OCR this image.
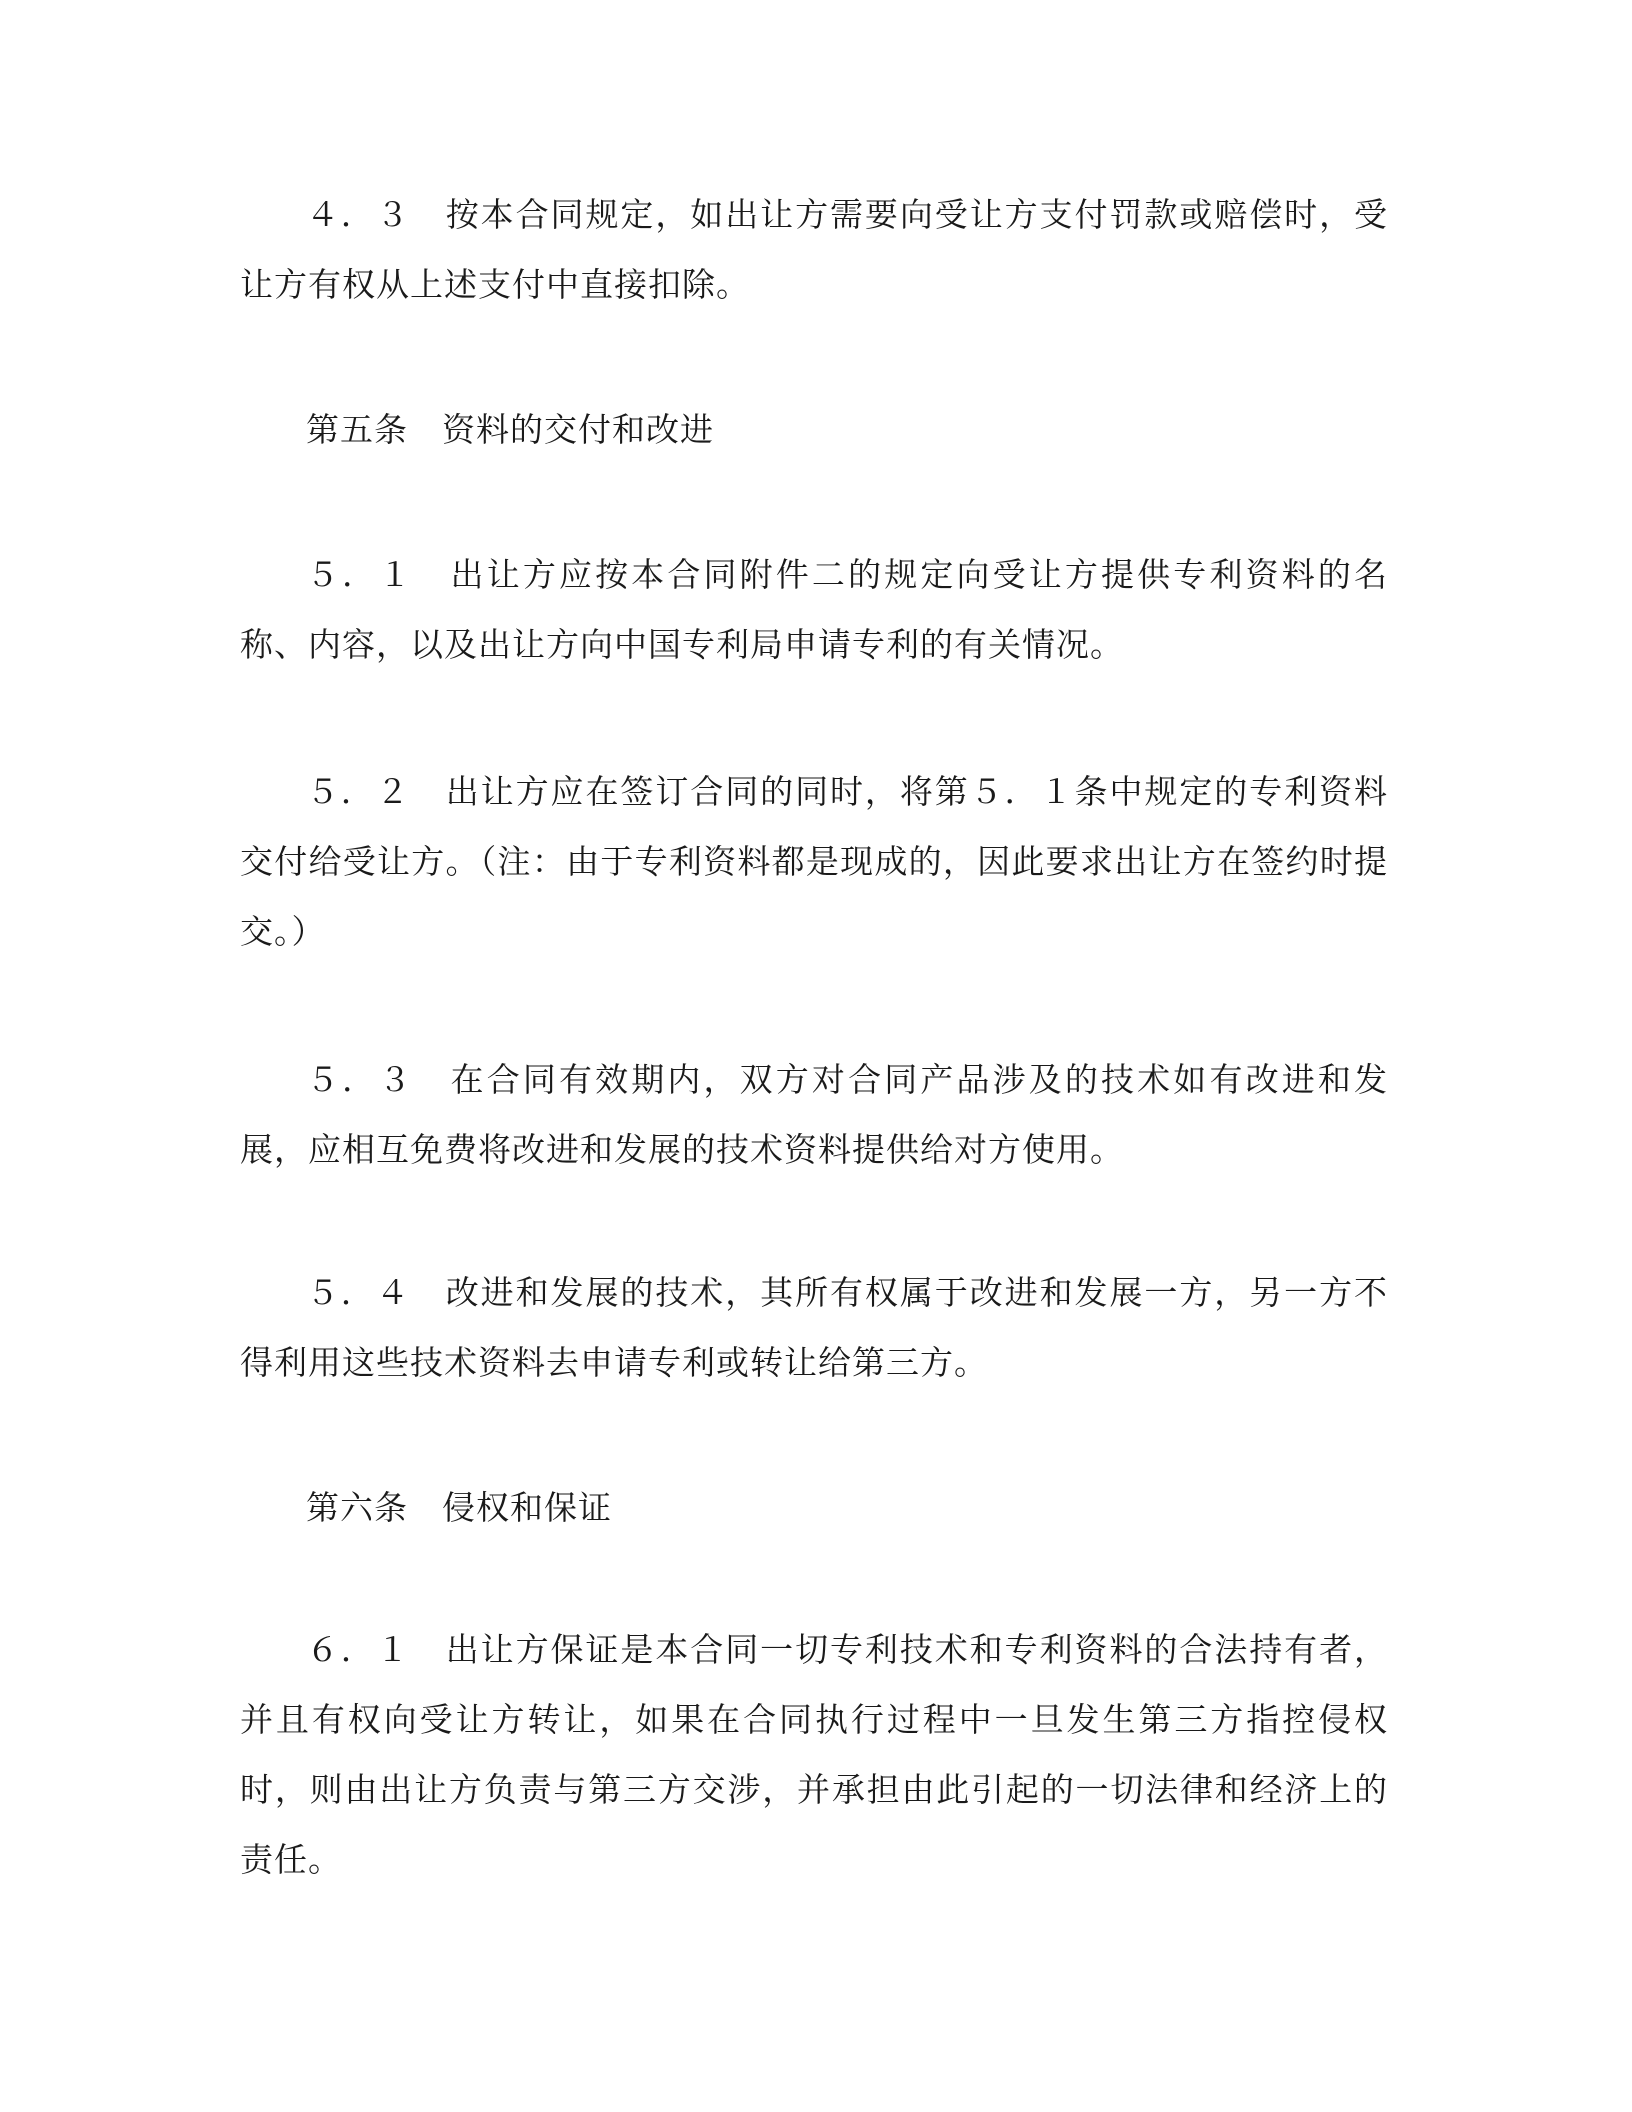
４．３　按本合同规定，如出让方需要向受让方支付罚款或赔偿时，受让方有权从上述支付中直接扣除。

第五条　资料的交付和改进

５．１　出让方应按本合同附件二的规定向受让方提供专利资料的名称、内容，以及出让方向中国专利局申请专利的有关情况。

５．２　出让方应在签订合同的同时，将第５．１条中规定的专利资料交付给受让方。（注：由于专利资料都是现成的，因此要求出让方在签约时提交。）

５．３　在合同有效期内，双方对合同产品涉及的技术如有改进和发展，应相互免费将改进和发展的技术资料提供给对方使用。

５．４　改进和发展的技术，其所有权属于改进和发展一方，另一方不得利用这些技术资料去申请专利或转让给第三方。

第六条　侵权和保证

６．１　出让方保证是本合同一切专利技术和专利资料的合法持有者，并且有权向受让方转让，如果在合同执行过程中一旦发生第三方指控侵权时，则由出让方负责与第三方交涉，并承担由此引起的一切法律和经济上的责任。
